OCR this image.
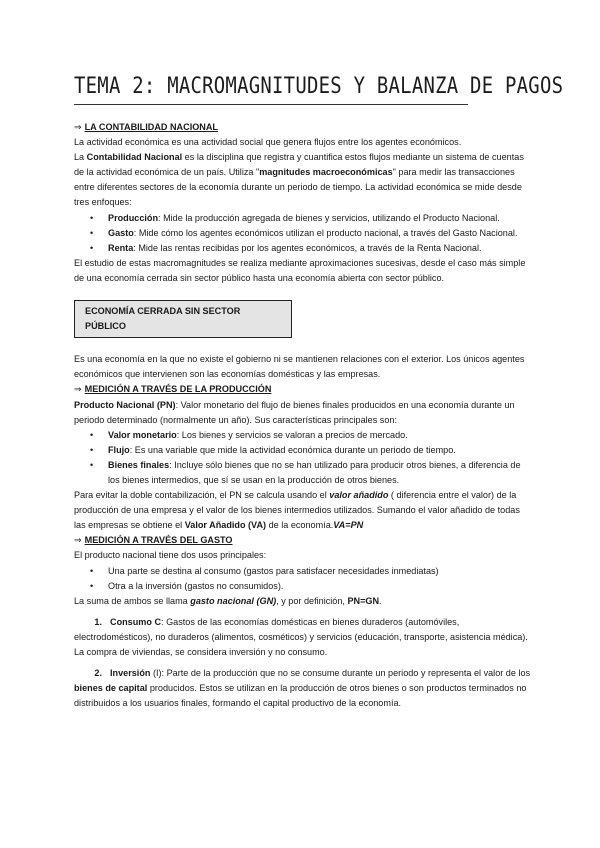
TEMA 2: MACROMAGNITUDES Y BALANZA DE PAGOS

⇒ LA CONTABILIDAD NACIONAL

La actividad económica es una actividad social que genera flujos entre los agentes económicos.

La Contabilidad Nacional es la disciplina que registra y cuantifica estos flujos mediante un sistema de cuentas de la actividad económica de un país. Utiliza "magnitudes macroeconómicas" para medir las transacciones entre diferentes sectores de la economía durante un periodo de tiempo. La actividad económica se mide desde tres enfoques:

• Producción: Mide la producción agregada de bienes y servicios, utilizando el Producto Nacional.
• Gasto: Mide cómo los agentes económicos utilizan el producto nacional, a través del Gasto Nacional.
• Renta: Mide las rentas recibidas por los agentes económicos, a través de la Renta Nacional.

El estudio de estas macromagnitudes se realiza mediante aproximaciones sucesivas, desde el caso más simple de una economía cerrada sin sector público hasta una economía abierta con sector público.

ECONOMÍA CERRADA SIN SECTOR PÚBLICO

Es una economía en la que no existe el gobierno ni se mantienen relaciones con el exterior. Los únicos agentes económicos que intervienen son las economías domésticas y las empresas.

⇒ MEDICIÓN A TRAVÉS DE LA PRODUCCIÓN

Producto Nacional (PN): Valor monetario del flujo de bienes finales producidos en una economía durante un periodo determinado (normalmente un año). Sus características principales son:

• Valor monetario: Los bienes y servicios se valoran a precios de mercado.
• Flujo: Es una variable que mide la actividad económica durante un periodo de tiempo.
• Bienes finales: Incluye sólo bienes que no se han utilizado para producir otros bienes, a diferencia de los bienes intermedios, que sí se usan en la producción de otros bienes.

Para evitar la doble contabilización, el PN se calcula usando el valor añadido ( diferencia entre el valor) de la producción de una empresa y el valor de los bienes intermedios utilizados. Sumando el valor añadido de todas las empresas se obtiene el Valor Añadido (VA) de la economía.VA=PN

⇒ MEDICIÓN A TRAVÉS DEL GASTO

El producto nacional tiene dos usos principales:

• Una parte se destina al consumo (gastos para satisfacer necesidades inmediatas)
• Otra a la inversión (gastos no consumidos).

La suma de ambos se llama gasto nacional (GN), y por definición, PN=GN.

1. Consumo C: Gastos de las economías domésticas en bienes duraderos (automóviles, electrodomésticos), no duraderos (alimentos, cosméticos) y servicios (educación, transporte, asistencia médica). La compra de viviendas, se considera inversión y no consumo.
2. Inversión (I): Parte de la producción que no se consume durante un periodo y representa el valor de los bienes de capital producidos. Estos se utilizan en la producción de otros bienes o son productos terminados no distribuidos a los usuarios finales, formando el capital productivo de la economía.
